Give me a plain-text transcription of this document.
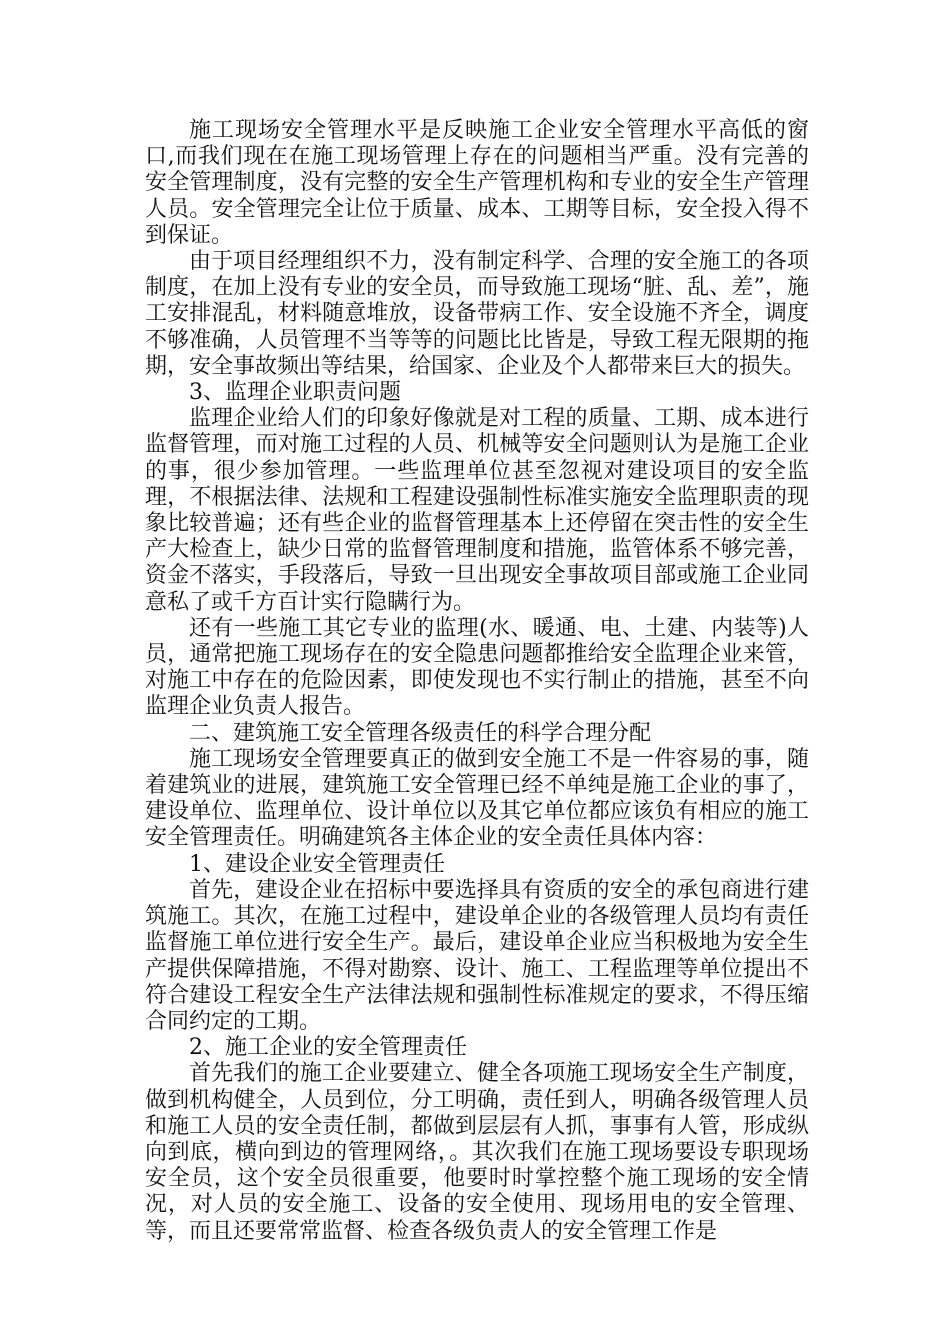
施工现场安全管理水平是反映施工企业安全管理水平高低的窗口,而我们现在在施工现场管理上存在的问题相当严重。没有完善的安全管理制度，没有完整的安全生产管理机构和专业的安全生产管理人员。安全管理完全让位于质量、成本、工期等目标，安全投入得不到保证。

由于项目经理组织不力，没有制定科学、合理的安全施工的各项制度，在加上没有专业的安全员，而导致施工现场“脏、乱、差”，施工安排混乱，材料随意堆放，设备带病工作、安全设施不齐全，调度不够准确，人员管理不当等等的问题比比皆是，导致工程无限期的拖期，安全事故频出等结果，给国家、企业及个人都带来巨大的损失。

3、监理企业职责问题

监理企业给人们的印象好像就是对工程的质量、工期、成本进行监督管理，而对施工过程的人员、机械等安全问题则认为是施工企业的事，很少参加管理。一些监理单位甚至忽视对建设项目的安全监理，不根据法律、法规和工程建设强制性标准实施安全监理职责的现象比较普遍；还有些企业的监督管理基本上还停留在突击性的安全生产大检查上，缺少日常的监督管理制度和措施，监管体系不够完善，资金不落实，手段落后，导致一旦出现安全事故项目部或施工企业同意私了或千方百计实行隐瞒行为。

还有一些施工其它专业的监理(水、暖通、电、土建、内装等)人员，通常把施工现场存在的安全隐患问题都推给安全监理企业来管，对施工中存在的危险因素，即使发现也不实行制止的措施，甚至不向监理企业负责人报告。

二、建筑施工安全管理各级责任的科学合理分配

施工现场安全管理要真正的做到安全施工不是一件容易的事，随着建筑业的进展，建筑施工安全管理已经不单纯是施工企业的事了，建设单位、监理单位、设计单位以及其它单位都应该负有相应的施工安全管理责任。明确建筑各主体企业的安全责任具体内容：

1、建设企业安全管理责任

首先，建设企业在招标中要选择具有资质的安全的承包商进行建筑施工。其次，在施工过程中，建设单企业的各级管理人员均有责任监督施工单位进行安全生产。最后，建设单企业应当积极地为安全生产提供保障措施，不得对勘察、设计、施工、工程监理等单位提出不符合建设工程安全生产法律法规和强制性标准规定的要求，不得压缩合同约定的工期。

2、施工企业的安全管理责任

首先我们的施工企业要建立、健全各项施工现场安全生产制度，做到机构健全，人员到位，分工明确，责任到人，明确各级管理人员和施工人员的安全责任制，都做到层层有人抓，事事有人管，形成纵向到底，横向到边的管理网络，。其次我们在施工现场要设专职现场安全员，这个安全员很重要，他要时时掌控整个施工现场的安全情况，对人员的安全施工、设备的安全使用、现场用电的安全管理、等，而且还要常常监督、检查各级负责人的安全管理工作是
